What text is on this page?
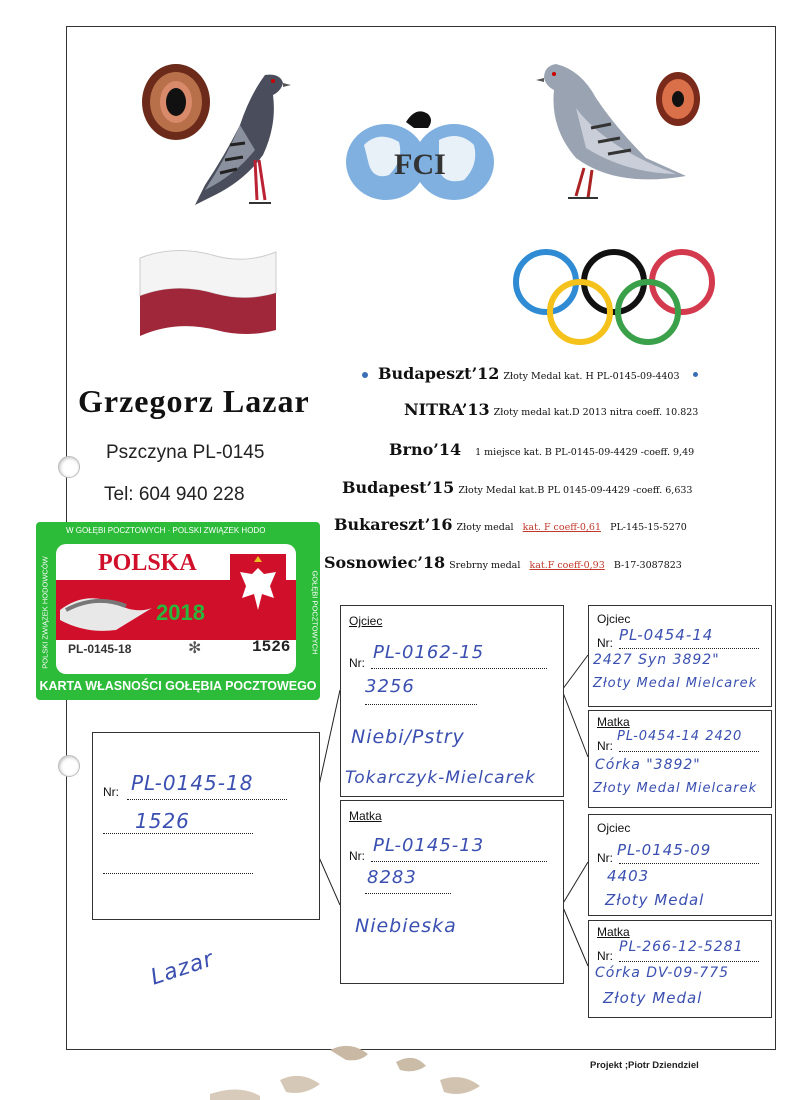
FCI
Grzegorz Lazar
Pszczyna PL-0145
Tel: 604 940 228
Budapeszt’12 Złoty Medal kat. H PL-0145-09-4403
NITRA’13 Złoty medal kat.D 2013 nitra coeff. 10.823
Brno’14 1 miejsce kat. B PL-0145-09-4429 -coeff. 9,49
Budapest’15 Złoty Medal kat.B PL 0145-09-4429 -coeff. 6,633
Bukareszt’16 Złoty medal kat. F coeff-0,61 PL-145-15-5270
Sosnowiec’18 Srebrny medal kat.F coeff-0,93 B-17-3087823
W GOŁĘBI POCZTOWYCH · POLSKI ZWIĄZEK HODO
POLSKI ZWIĄZEK HODOWCÓW	GOŁĘBI POCZTOWYCH
POLSKA
2018
PL-0145-18	✻	1526
KARTA WŁASNOŚCI GOŁĘBIA POCZTOWEGO
Nr: PL-0145-18
1526
Ojciec
Nr: PL-0162-15
3256
Niebi/Pstry
Tokarczyk-Mielcarek
Matka
Nr: PL-0145-13
8283
Niebieska
Ojciec
Nr: PL-0454-14
2427 Syn 3892"
Złoty Medal Mielcarek
Matka
Nr:
PL-0454-14 2420
Córka "3892"
Złoty Medal Mielcarek
Ojciec
Nr: PL-0145-09
4403
Złoty Medal
Matka
Nr:
PL-266-12-5281
Córka DV-09-775
Złoty Medal
Lazar
Projekt ;Piotr Dziendziel
